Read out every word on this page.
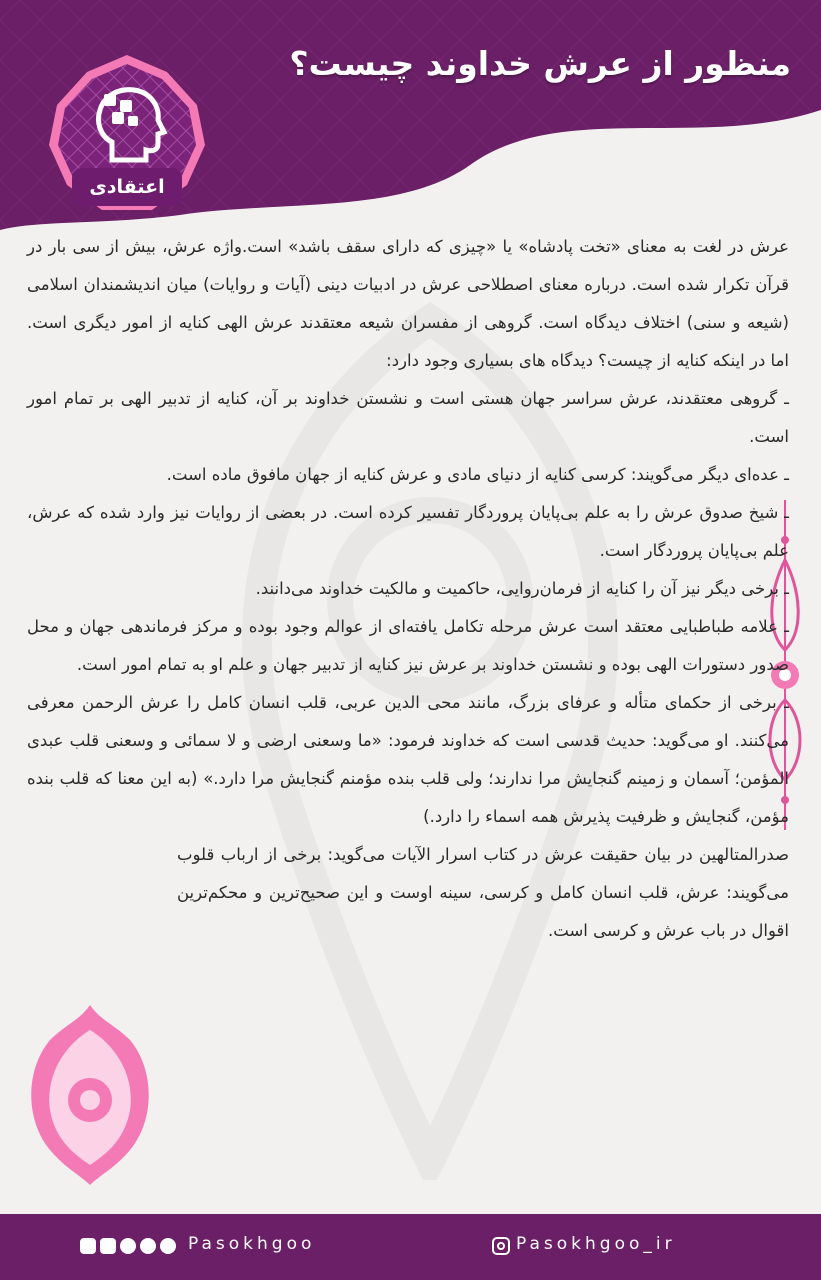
منظور از عرش خداوند چیست؟
اعتقادی

عرش در لغت به معنای «تخت پادشاه» یا «چیزی که دارای سقف باشد» است.واژه عرش، بیش از سی بار در قرآن تکرار شده است. درباره معنای اصطلاحی عرش در ادبیات دینی (آیات و روایات) میان اندیشمندان اسلامی (شیعه و سنی) اختلاف دیدگاه است. گروهی از مفسران شیعه معتقدند عرش الهی کنایه از امور دیگری است. اما در اینکه کنایه از چیست؟ دیدگاه های بسیاری وجود دارد:

ـ گروهی معتقدند، عرش سراسر جهان هستی است و نشستن خداوند بر آن، کنایه از تدبیر الهی بر تمام امور است.

ـ عده‌ای دیگر می‌گویند: کرسی کنایه از دنیای مادی و عرش کنایه از جهان مافوق ماده است.

ـ شیخ صدوق عرش را به علم بی‌پایان پروردگار تفسیر کرده است. در بعضی از روایات نیز وارد شده که عرش، علم بی‌پایان پروردگار است.

ـ برخی دیگر نیز آن را کنایه از فرمان‌روایی، حاکمیت و مالکیت خداوند می‌دانند.

ـ علامه طباطبایی معتقد است عرش مرحله تکامل یافته‌ای از عوالم وجود بوده و مرکز فرماندهی جهان و محل صدور دستورات الهی بوده و نشستن خداوند بر عرش نیز کنایه از تدبیر جهان و علم او به تمام امور است.

ـ برخی از حکمای متأله و عرفای بزرگ، مانند محی الدین عربی، قلب انسان کامل را عرش الرحمن معرفی می‌کنند. او می‌گوید: حدیث قدسی است که خداوند فرمود: «ما وسعنی ارضی و لا سمائی و وسعنی قلب عبدی المؤمن؛ آسمان و زمینم گنجایش مرا ندارند؛ ولی قلب بنده مؤمنم گنجایش مرا دارد.» (به این معنا که قلب بنده مؤمن، گنجایش و ظرفیت پذیرش همه اسماء را دارد.)

صدرالمتالهین در بیان حقیقت عرش در کتاب اسرار الآیات می‌گوید: برخی از ارباب قلوب می‌گویند: عرش، قلب انسان کامل و کرسی، سینه اوست و این صحیح‌ترین و محکم‌ترین اقوال در باب عرش و کرسی است.

Pasokhgoo	Pasokhgoo_ir
